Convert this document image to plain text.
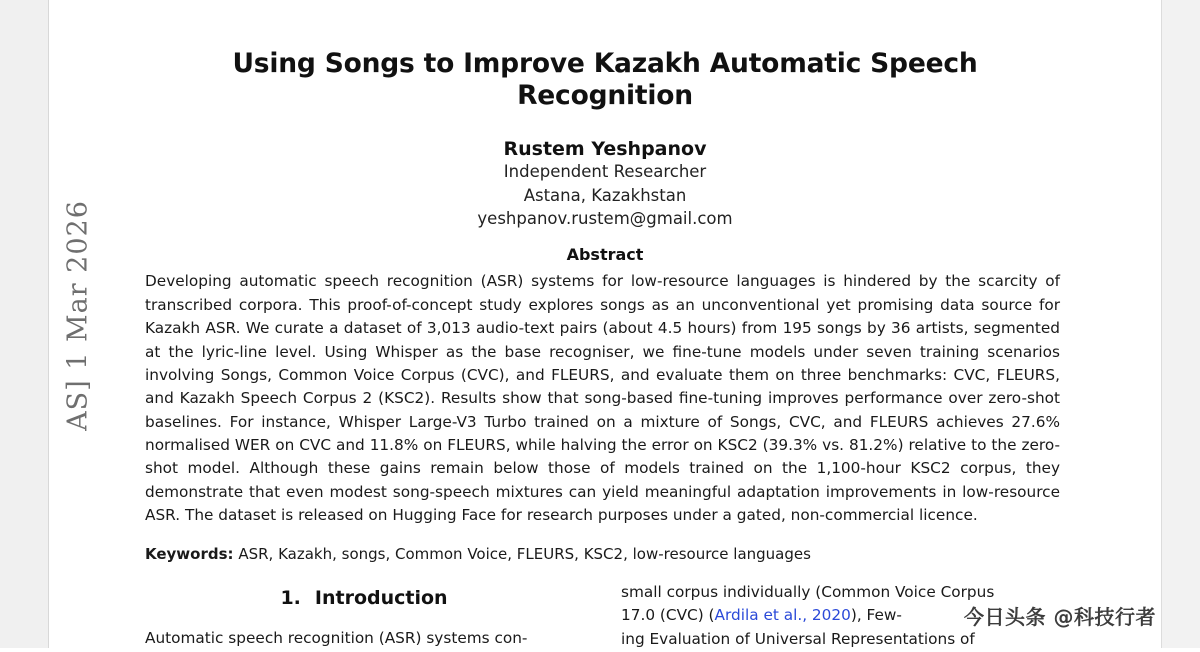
AS] 1 Mar 2026
Using Songs to Improve Kazakh Automatic Speech Recognition
Rustem Yeshpanov
Independent Researcher
Astana, Kazakhstan
yeshpanov.rustem@gmail.com
Abstract
Developing automatic speech recognition (ASR) systems for low-resource languages is hindered by the scarcity of transcribed corpora. This proof-of-concept study explores songs as an unconventional yet promising data source for Kazakh ASR. We curate a dataset of 3,013 audio-text pairs (about 4.5 hours) from 195 songs by 36 artists, segmented at the lyric-line level. Using Whisper as the base recogniser, we fine-tune models under seven training scenarios involving Songs, Common Voice Corpus (CVC), and FLEURS, and evaluate them on three benchmarks: CVC, FLEURS, and Kazakh Speech Corpus 2 (KSC2). Results show that song-based fine-tuning improves performance over zero-shot baselines. For instance, Whisper Large-V3 Turbo trained on a mixture of Songs, CVC, and FLEURS achieves 27.6% normalised WER on CVC and 11.8% on FLEURS, while halving the error on KSC2 (39.3% vs. 81.2%) relative to the zero-shot model. Although these gains remain below those of models trained on the 1,100-hour KSC2 corpus, they demonstrate that even modest song-speech mixtures can yield meaningful adaptation improvements in low-resource ASR. The dataset is released on Hugging Face for research purposes under a gated, non-commercial licence.
Keywords: ASR, Kazakh, songs, Common Voice, FLEURS, KSC2, low-resource languages
1. Introduction
Automatic speech recognition (ASR) systems con-
small corpus individually (Common Voice Corpus
17.0 (CVC) (Ardila et al., 2020), Few-
ing Evaluation of Universal Representations of
今日头条 @科技行者
